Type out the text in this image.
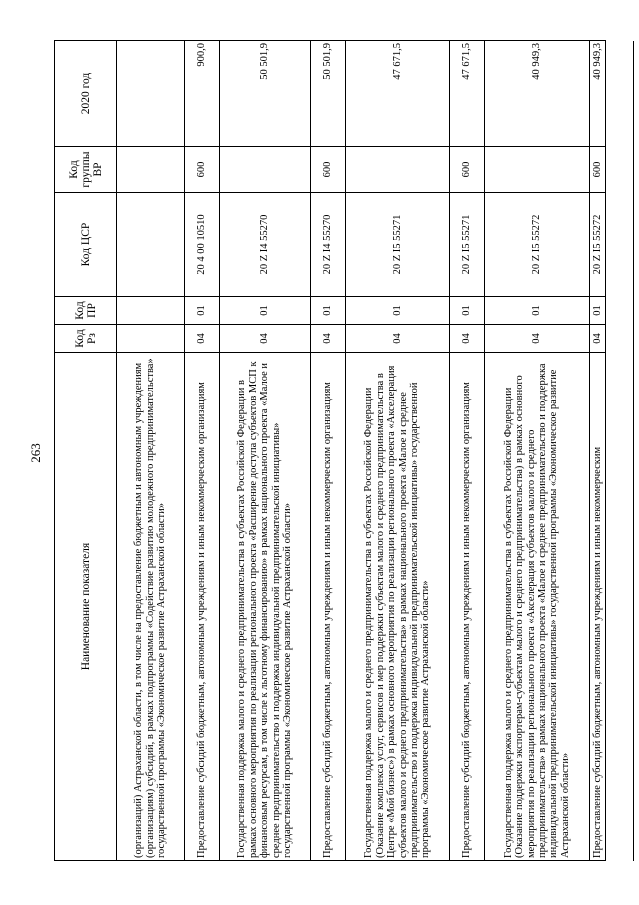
263
Наименование показателя	Код Рз	Код ПР	Код ЦСР	Код группы ВР	2020 год
(организаций) Астраханской области, в том числе на предоставление бюджетным и автономным учреждениям (организациям) субсидий, в рамках подпрограммы «Содействие развитию молодежного предпринимательства» государственной программы «Экономическое развитие Астраханской области»					
Предоставление субсидий бюджетным, автономным учреждениям и иным некоммерческим организациям	04	01	20 4 00 10510	600	900,0
Государственная поддержка малого и среднего предпринимательства в субъектах Российской Федерации в рамках основного мероприятия по реализации регионального проекта «Расширение доступа субъектов МСП к финансовым ресурсам, в том числе к льготному финансированию» в рамках национального проекта «Малое и среднее предпринимательство и поддержка индивидуальной предпринимательской инициативы» государственной программы «Экономическое развитие Астраханской области»	04	01	20 Z I4 55270		50 501,9
Предоставление субсидий бюджетным, автономным учреждениям и иным некоммерческим организациям	04	01	20 Z I4 55270	600	50 501,9
Государственная поддержка малого и среднего предпринимательства в субъектах Российской Федерации (Оказание комплекса услуг, сервисов и мер поддержки субъектам малого и среднего предпринимательства в Центре «Мой бизнес») в рамках основного мероприятия по реализации регионального проекта «Акселерация субъектов малого и среднего предпринимательства» в рамках национального проекта «Малое и среднее предпринимательство и поддержка индивидуальной предпринимательской инициативы» государственной программы «Экономическое развитие Астраханской области»	04	01	20 Z I5 55271		47 671,5
Предоставление субсидий бюджетным, автономным учреждениям и иным некоммерческим организациям	04	01	20 Z I5 55271	600	47 671,5
Государственная поддержка малого и среднего предпринимательства в субъектах Российской Федерации (Оказание поддержки экспортерам-субъектам малого и среднего предпринимательства) в рамках основного мероприятия по реализации регионального проекта «Акселерация субъектов малого и среднего предпринимательства» в рамках национального проекта «Малое и среднее предпринимательство и поддержка индивидуальной предпринимательской инициативы» государственной программы «Экономическое развитие Астраханской области»	04	01	20 Z I5 55272		40 949,3
Предоставление субсидий бюджетным, автономным учреждениям и иным некоммерческим	04	01	20 Z I5 55272	600	40 949,3
